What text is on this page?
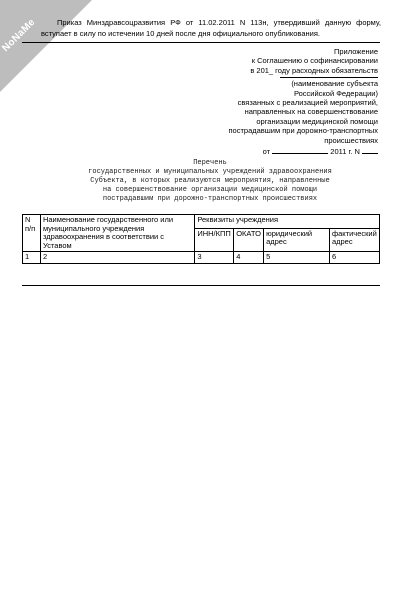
NoNaMe	Приказ Минздравсоцразвития РФ от 11.02.2011 N 113н, утвердивший данную форму,
вступает в силу по истечении 10 дней после дня официального опубликования.
Приложение
к Соглашению о софинансировании
в 201_ году расходных обязательств
(наименование субъекта
Российской Федерации)
связанных с реализацией мероприятий,
направленных на совершенствование
организации медицинской помощи
пострадавшим при дорожно-транспортных
происшествиях
от	2011 г. N
Перечень
государственных и муниципальных учреждений здравоохранения
Субъекта, в которых реализуются мероприятия, направленные
на совершенствование организации медицинской помощи
пострадавшим при дорожно-транспортных происшествиях
N п/п	Наименование государственного или муниципального учреждения здравоохранения в соответствии с Уставом	Реквизиты учреждения			
		ИНН/КПП	ОКАТО	юридический адрес	фактический адрес
1	2	3	4	5	6
